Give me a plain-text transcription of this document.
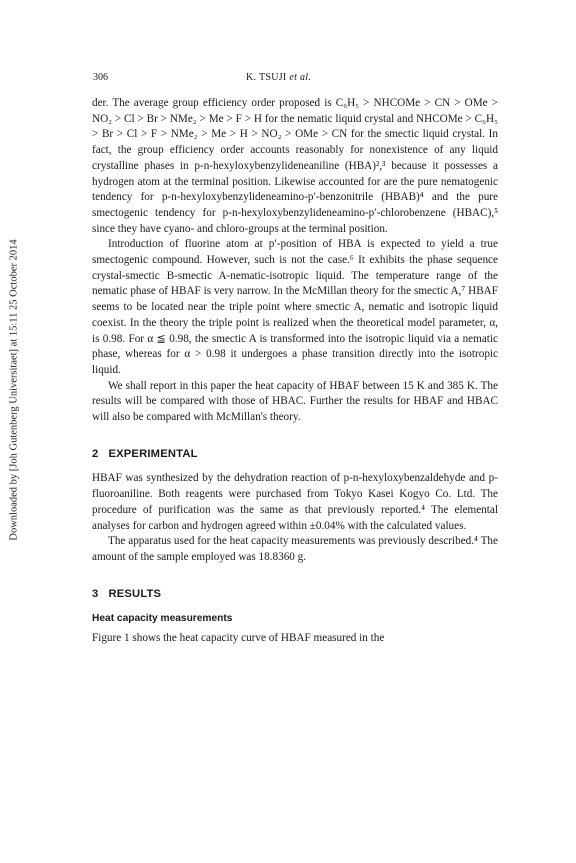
Downloaded by [Joh Gutenberg Universitaet] at 15:11 25 October 2014
306	K. TSUJI et al.

der. The average group efficiency order proposed is C₆H₅ > NHCOMe > CN > OMe > NO₂ > Cl > Br > NMe₂ > Me > F > H for the nematic liquid crystal and NHCOMe > C₆H₅ > Br > Cl > F > NMe₂ > Me > H > NO₂ > OMe > CN for the smectic liquid crystal. In fact, the group efficiency order accounts reasonably for nonexistence of any liquid crystalline phases in p-n-hexyloxybenzylideneaniline (HBA)²,³ because it possesses a hydrogen atom at the terminal position. Likewise accounted for are the pure nematogenic tendency for p-n-hexyloxybenzylideneamino-p′-benzonitrile (HBAB)⁴ and the pure smectogenic tendency for p-n-hexyloxybenzylideneamino-p′-chlorobenzene (HBAC),⁵ since they have cyano- and chloro-groups at the terminal position.

Introduction of fluorine atom at p′-position of HBA is expected to yield a true smectogenic compound. However, such is not the case.⁶ It exhibits the phase sequence crystal-smectic B-smectic A-nematic-isotropic liquid. The temperature range of the nematic phase of HBAF is very narrow. In the McMillan theory for the smectic A,⁷ HBAF seems to be located near the triple point where smectic A, nematic and isotropic liquid coexist. In the theory the triple point is realized when the theoretical model parameter, α, is 0.98. For α ≦ 0.98, the smectic A is transformed into the isotropic liquid via a nematic phase, whereas for α > 0.98 it undergoes a phase transition directly into the isotropic liquid.

We shall report in this paper the heat capacity of HBAF between 15 K and 385 K. The results will be compared with those of HBAC. Further the results for HBAF and HBAC will also be compared with McMillan's theory.

2 EXPERIMENTAL

HBAF was synthesized by the dehydration reaction of p-n-hexyloxybenzaldehyde and p-fluoroaniline. Both reagents were purchased from Tokyo Kasei Kogyo Co. Ltd. The procedure of purification was the same as that previously reported.⁴ The elemental analyses for carbon and hydrogen agreed within ±0.04% with the calculated values.

The apparatus used for the heat capacity measurements was previously described.⁴ The amount of the sample employed was 18.8360 g.

3 RESULTS
Heat capacity measurements

Figure 1 shows the heat capacity curve of HBAF measured in the
